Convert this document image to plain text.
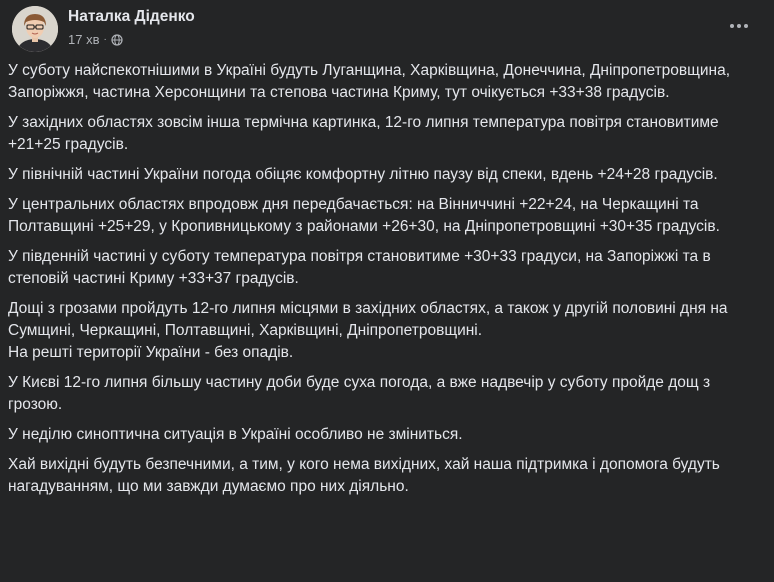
Наталка Діденко
17 хв ·

У суботу найспекотнішими в Україні будуть Луганщина, Харківщина, Донеччина, Дніпропетровщина, Запоріжжя, частина Херсонщини та степова частина Криму, тут очікується +33+38 градусів.

У західних областях зовсім інша термічна картинка, 12-го липня температура повітря становитиме +21+25 градусів.

У північній частині України погода обіцяє комфортну літню паузу від спеки, вдень +24+28 градусів.

У центральних областях впродовж дня передбачається: на Вінниччині +22+24, на Черкащині та Полтавщині +25+29, у Кропивницькому з районами +26+30, на Дніпропетровщині +30+35 градусів.

У південній частині у суботу температура повітря становитиме +30+33 градуси, на Запоріжжі та в степовій частині Криму +33+37 градусів.

Дощі з грозами пройдуть 12-го липня місцями в західних областях, а також у другій половині дня на Сумщині, Черкащині, Полтавщині, Харківщині, Дніпропетровщині.

На решті території України - без опадів.

У Києві 12-го липня більшу частину доби буде суха погода, а вже надвечір у суботу пройде дощ з грозою.

У неділю синоптична ситуація в Україні особливо не зміниться.

Хай вихідні будуть безпечними, а тим, у кого нема вихідних, хай наша підтримка і допомога будуть нагадуванням, що ми завжди думаємо про них діяльно.
